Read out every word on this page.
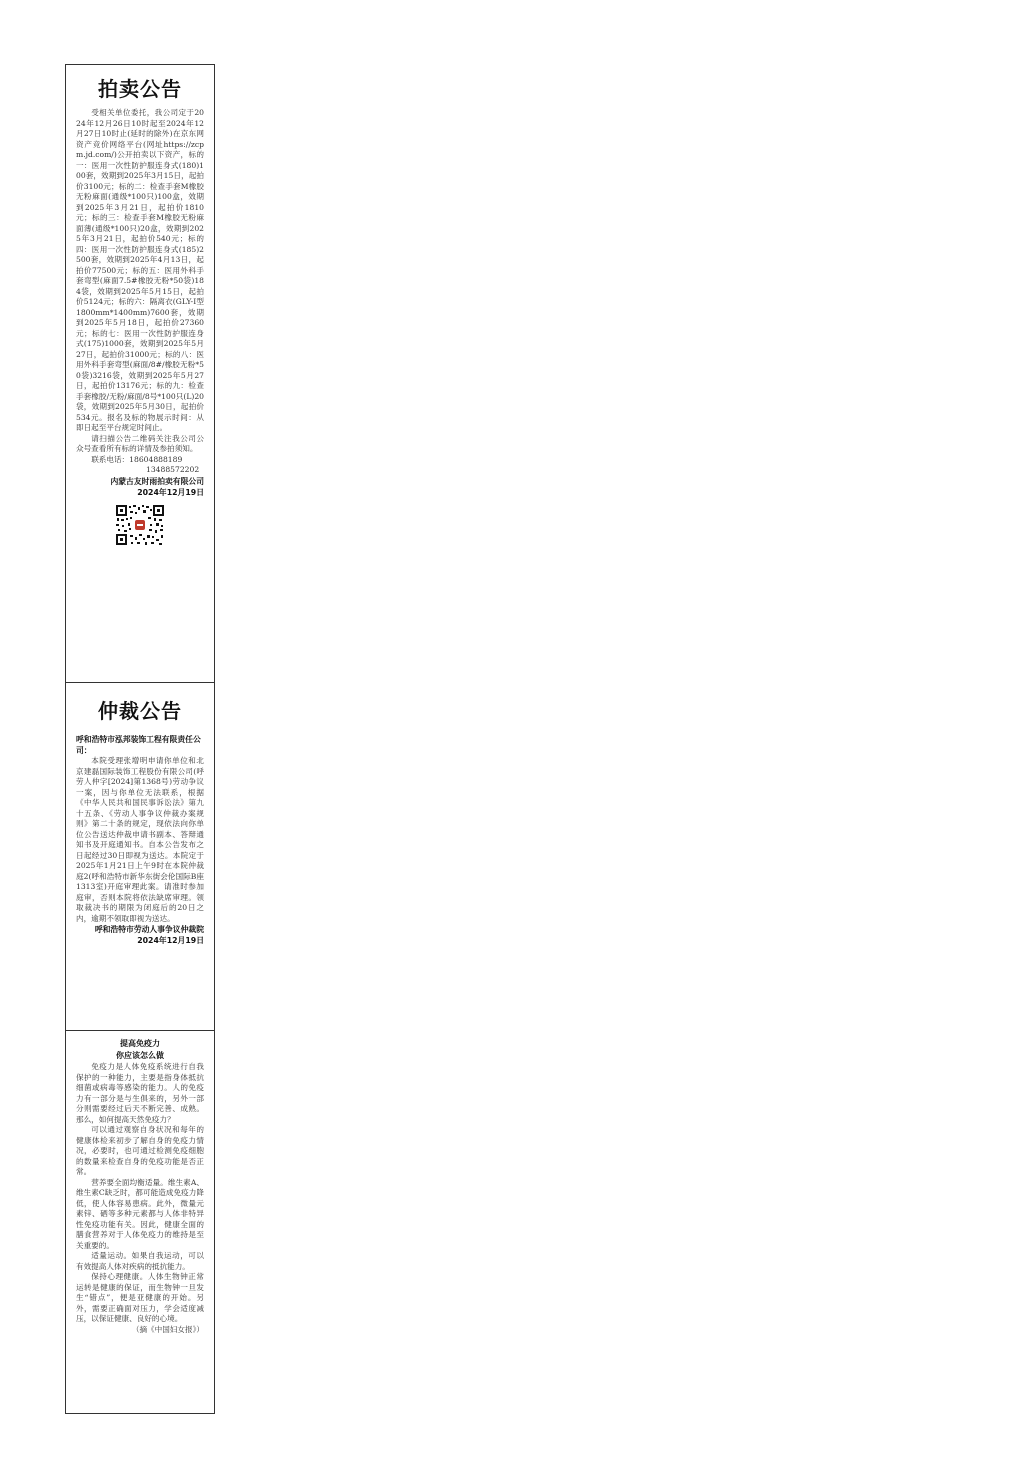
拍卖公告

受相关单位委托，我公司定于2024年12月26日10时起至2024年12月27日10时止(延时的除外)在京东网资产竞价网络平台(网址https://zcpm.jd.com/)公开拍卖以下资产，标的一：医用一次性防护服连身式(180)100套，效期到2025年3月15日，起拍价3100元；标的二：检查手套M橡胶无粉麻面(通级*100只)100盒，效期到2025年3月21日，起拍价1810元；标的三：检查手套M橡胶无粉麻面薄(通级*100只)20盒，效期到2025年3月21日，起拍价540元；标的四：医用一次性防护服连身式(185)2500套，效期到2025年4月13日，起拍价77500元；标的五：医用外科手套弯型(麻面7.5#橡胶无粉*50袋)184袋，效期到2025年5月15日，起拍价5124元；标的六：隔离衣(GLY-Ⅰ型1800mm*1400mm)7600套，效期到2025年5月18日，起拍价27360元；标的七：医用一次性防护服连身式(175)1000套，效期到2025年5月27日，起拍价31000元；标的八：医用外科手套弯型(麻面/8#/橡胶无粉*50袋)3216袋，效期到2025年5月27日，起拍价13176元；标的九：检查手套橡胶/无粉/麻面/8号*100只(L)20袋，效期到2025年5月30日，起拍价534元。报名及标的物展示时间：从即日起至平台规定时间止。

请扫描公告二维码关注我公司公众号查看所有标的详情及参拍须知。

联系电话：18604888189

13488572202

内蒙古友时雨拍卖有限公司

2024年12月19日

仲裁公告

呼和浩特市泓邦装饰工程有限责任公司：

本院受理张增明申请你单位和北京建磊国际装饰工程股份有限公司(呼劳人仲字[2024]第1368号)劳动争议一案，因与你单位无法联系，根据《中华人民共和国民事诉讼法》第九十五条、《劳动人事争议仲裁办案规则》第二十条的规定，现依法向你单位公告送达仲裁申请书副本、答辩通知书及开庭通知书。自本公告发布之日起经过30日即视为送达。本院定于2025年1月21日上午9时在本院仲裁庭2(呼和浩特市新华东街会伦国际B座1313室)开庭审理此案。请准时参加庭审，否则本院将依法缺席审理。领取裁决书的期限为闭庭后的20日之内，逾期不领取即视为送达。

呼和浩特市劳动人事争议仲裁院

2024年12月19日

提高免疫力

你应该怎么做

免疫力是人体免疫系统进行自我保护的一种能力，主要是指身体抵抗细菌或病毒等感染的能力。人的免疫力有一部分是与生俱来的，另外一部分则需要经过后天不断完善、成熟。那么，如何提高天然免疫力？

可以通过观察自身状况和每年的健康体检来初步了解自身的免疫力情况，必要时，也可通过检测免疫细胞的数量来检查自身的免疫功能是否正常。

营养要全面均衡适量。维生素A、维生素C缺乏时，都可能造成免疫力降低，使人体容易患病。此外，微量元素锌、硒等多种元素都与人体非特异性免疫功能有关。因此，健康全面的膳食营养对于人体免疫力的维持是至关重要的。

适量运动。如果自我运动，可以有效提高人体对疾病的抵抗能力。

保持心理健康。人体生物钟正常运转是健康的保证，而生物钟一旦发生“错点”，便是亚健康的开始。另外，需要正确面对压力，学会适度减压，以保证健康、良好的心境。

（摘《中国妇女报》）
